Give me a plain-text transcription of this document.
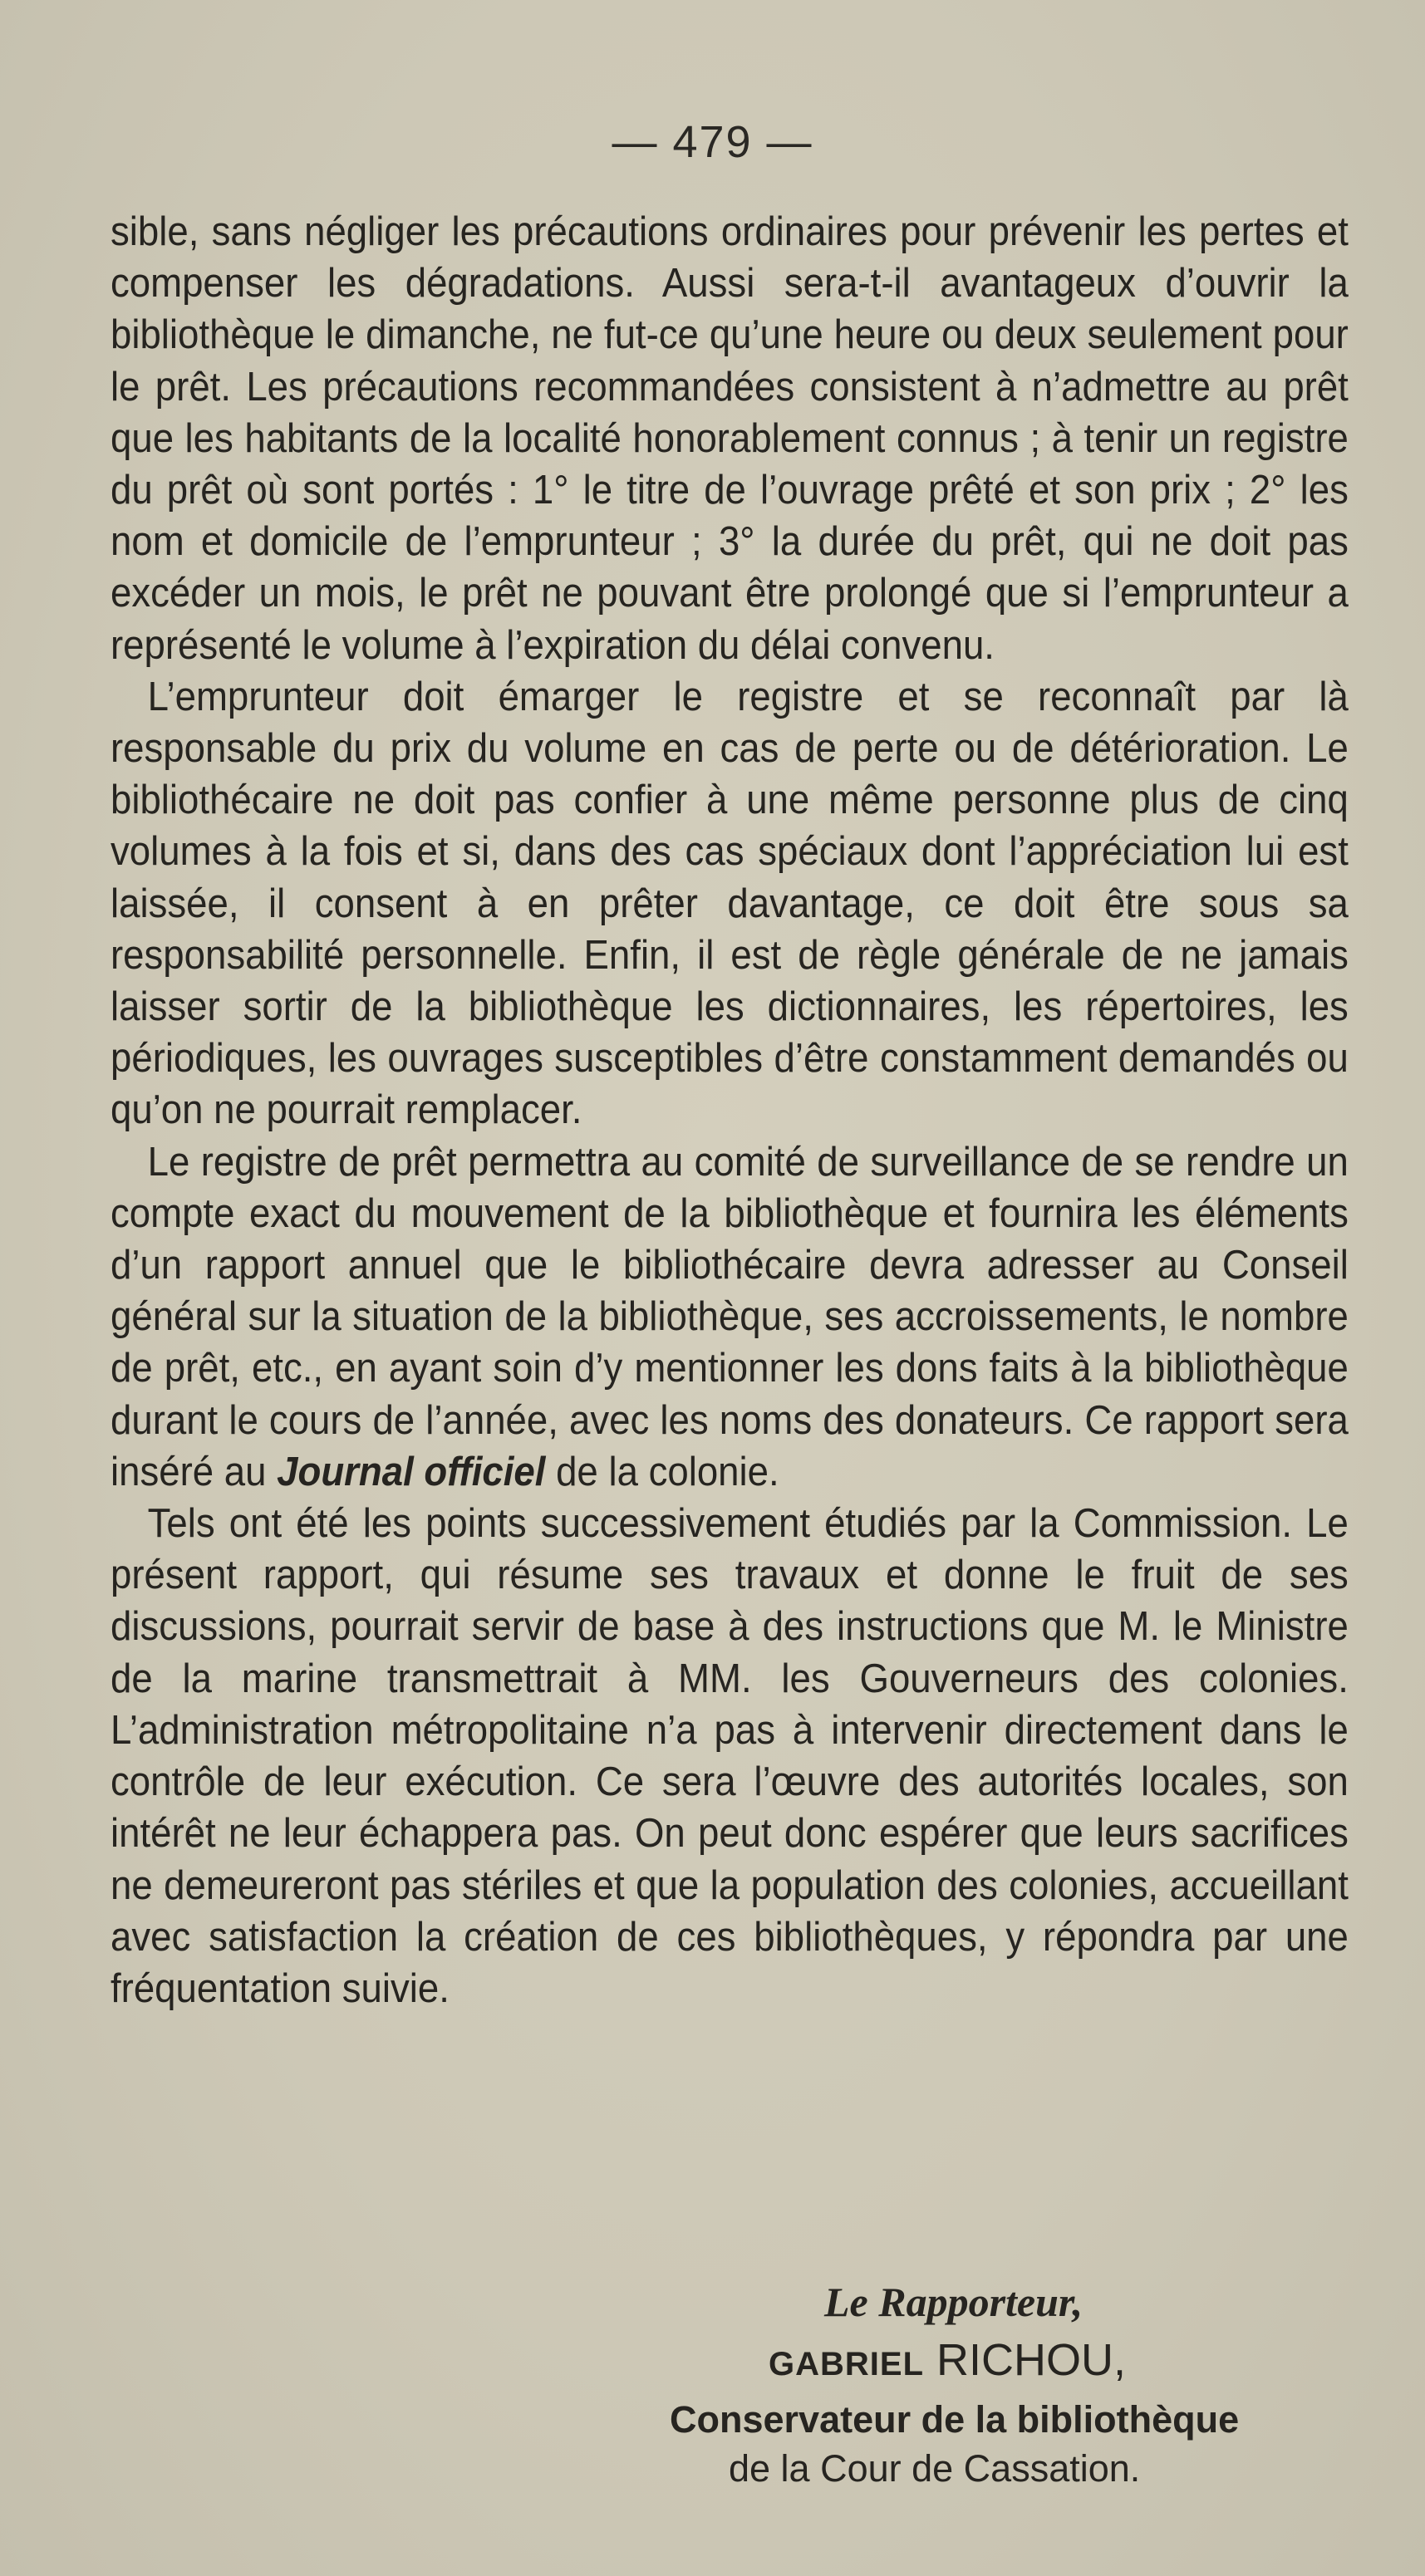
— 479 —

sible, sans négliger les précautions ordinaires pour prévenir les pertes et compenser les dégradations. Aussi sera-t-il avantageux d’ouvrir la bibliothèque le dimanche, ne fut-ce qu’une heure ou deux seulement pour le prêt. Les précautions recommandées consistent à n’admettre au prêt que les habitants de la localité honorablement connus ; à tenir un registre du prêt où sont portés : 1° le titre de l’ouvrage prêté et son prix ; 2° les nom et domicile de l’emprunteur ; 3° la durée du prêt, qui ne doit pas excéder un mois, le prêt ne pouvant être prolongé que si l’emprunteur a représenté le volume à l’expiration du délai convenu.

L’emprunteur doit émarger le registre et se reconnaît par là responsable du prix du volume en cas de perte ou de détérioration. Le bibliothécaire ne doit pas confier à une même personne plus de cinq volumes à la fois et si, dans des cas spéciaux dont l’appréciation lui est laissée, il consent à en prêter davantage, ce doit être sous sa responsabilité personnelle. Enfin, il est de règle générale de ne jamais laisser sortir de la bibliothèque les dictionnaires, les répertoires, les périodiques, les ouvrages susceptibles d’être constamment demandés ou qu’on ne pourrait remplacer.

Le registre de prêt permettra au comité de surveillance de se rendre un compte exact du mouvement de la bibliothèque et fournira les éléments d’un rapport annuel que le bibliothécaire devra adresser au Conseil général sur la situation de la bibliothèque, ses accroissements, le nombre de prêt, etc., en ayant soin d’y mentionner les dons faits à la bibliothèque durant le cours de l’année, avec les noms des donateurs. Ce rapport sera inséré au Journal officiel de la colonie.

Tels ont été les points successivement étudiés par la Commission. Le présent rapport, qui résume ses travaux et donne le fruit de ses discussions, pourrait servir de base à des instructions que M. le Ministre de la marine transmettrait à MM. les Gouverneurs des colonies. L’administration métropolitaine n’a pas à intervenir directement dans le contrôle de leur exécution. Ce sera l’œuvre des autorités locales, son intérêt ne leur échappera pas. On peut donc espérer que leurs sacrifices ne demeureront pas stériles et que la population des colonies, accueillant avec satisfaction la création de ces bibliothèques, y répondra par une fréquentation suivie.

Le Rapporteur,
GABRIEL RICHOU,
Conservateur de la bibliothèque
de la Cour de Cassation.
